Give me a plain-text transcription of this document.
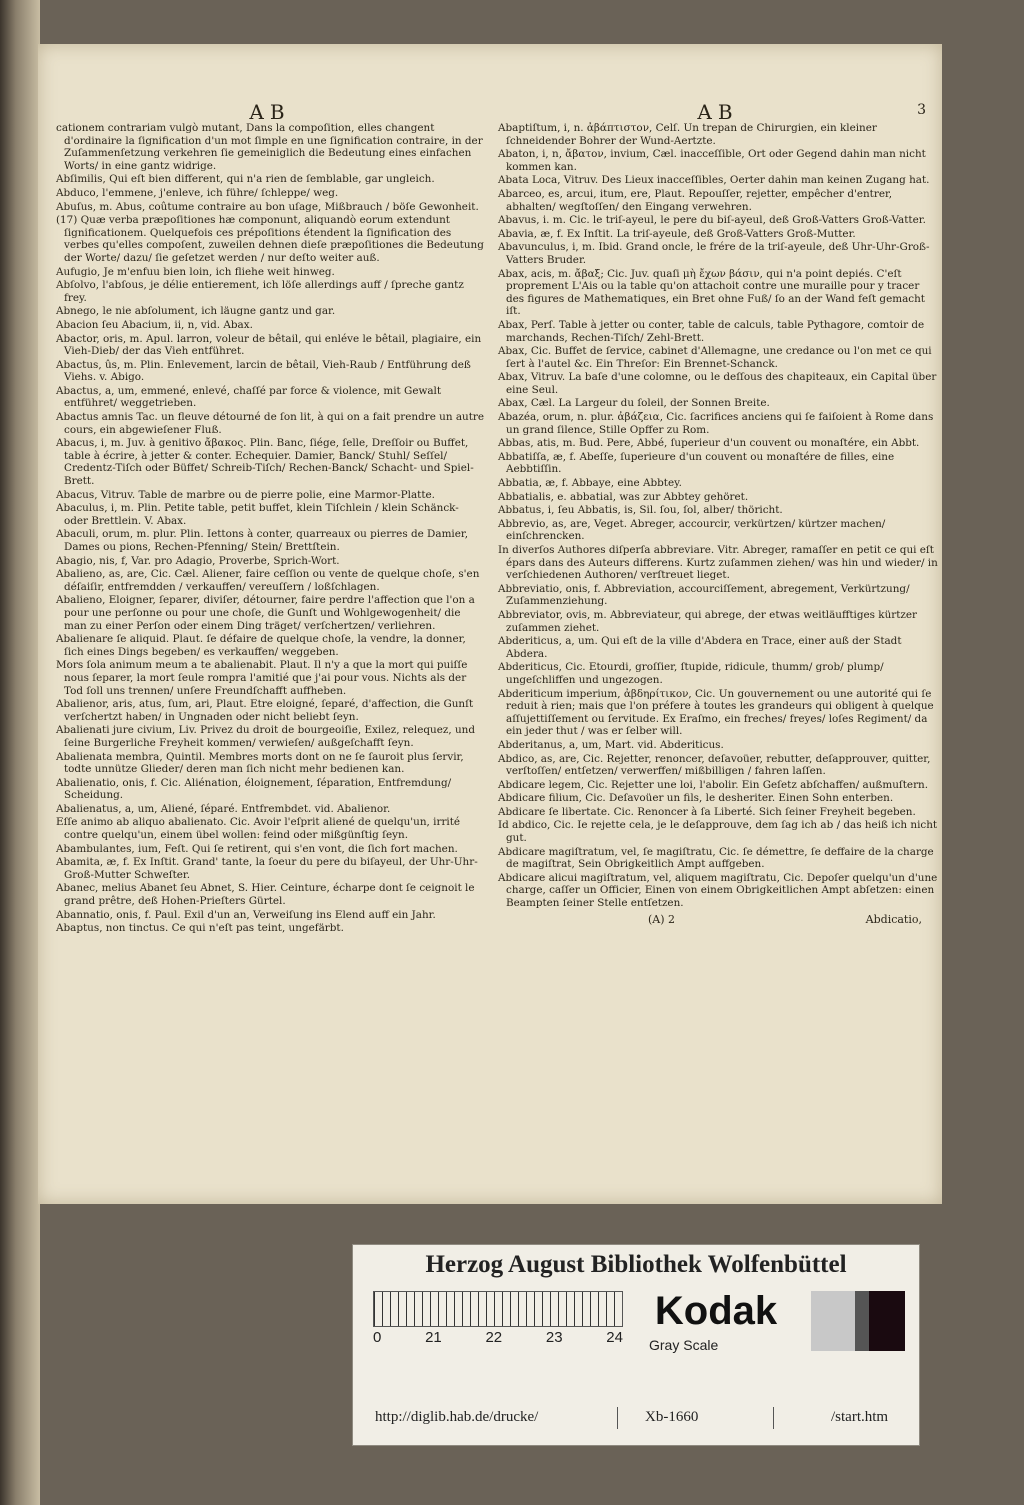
AB
cationem contrariam vulgò mutant, Dans la compoſition, elles changent d'ordinaire la ſignification d'un mot ſimple en une ſignification contraire, in der Zuſammenſetzung verkehren ſie gemeiniglich die Bedeutung eines einfachen Worts/ in eine gantz widrige.
Abſimilis, Qui eſt bien different, qui n'a rien de ſemblable, gar ungleich.
Abduco, l'emmene, j'enleve, ich führe/ ſchleppe/ weg.
Abuſus, m. Abus, coûtume contraire au bon uſage, Mißbrauch / böſe Gewonheit.
(17) Quæ verba præpoſitiones hæ componunt, aliquandò eorum extendunt ſignificationem. Quelquefois ces prépoſitions étendent la ſignification des verbes qu'elles compoſent, zuweilen dehnen dieſe præpoſitiones die Bedeutung der Worte/ dazu/ ſie geſetzet werden / nur deſto weiter auß.
Aufugio, Je m'enfuu bien loin, ich fliehe weit hinweg.
Abſolvo, l'abſous, je délie entierement, ich löſe allerdings auff / ſpreche gantz frey.
Abnego, le nie abſolument, ich läugne gantz und gar.
Abacion ſeu Abacium, ii, n, vid. Abax.
Abactor, oris, m. Apul. larron, voleur de bêtail, qui enléve le bêtail, plagiaire, ein Vieh-Dieb/ der das Vieh entführet.
Abactus, ûs, m. Plin. Enlevement, larcin de bêtail, Vieh-Raub / Entführung deß Viehs. v. Abigo.
Abactus, a, um, emmené, enlevé, chaſſé par force & violence, mit Gewalt entführet/ weggetrieben.
Abactus amnis Tac. un fleuve détourné de ſon lit, à qui on a fait prendre un autre cours, ein abgewieſener Fluß.
Abacus, i, m. Juv. à genitivo ἄβακος. Plin. Banc, ſiége, ſelle, Dreſſoir ou Buffet, table à écrire, à jetter & conter. Echequier. Damier, Banck/ Stuhl/ Seſſel/ Credentz-Tiſch oder Büffet/ Schreib-Tiſch/ Rechen-Banck/ Schacht- und Spiel-Brett.
Abacus, Vitruv. Table de marbre ou de pierre polie, eine Marmor-Platte.
Abaculus, i, m. Plin. Petite table, petit buffet, klein Tiſchlein / klein Schänck- oder Brettlein. V. Abax.
Abaculi, orum, m. plur. Plin. Iettons à conter, quarreaux ou pierres de Damier, Dames ou pions, Rechen-Pfenning/ Stein/ Brettſtein.
Abagio, nis, f, Var. pro Adagio, Proverbe, Sprich-Wort.
Abalieno, as, are, Cic. Cæl. Aliener, faire ceſſion ou vente de quelque choſe, s'en déſaiſir, entfremdden / verkauffen/ vereuſſern / loßſchlagen.
Abalieno, Eloigner, ſeparer, diviſer, détourner, faire perdre l'affection que l'on a pour une perſonne ou pour une choſe, die Gunſt und Wohlgewogenheit/ die man zu einer Perſon oder einem Ding träget/ verſchertzen/ verliehren.
Abalienare ſe aliquid. Plaut. ſe défaire de quelque choſe, la vendre, la donner, ſich eines Dings begeben/ es verkauffen/ weggeben.
Mors ſola animum meum a te abalienabit. Plaut. Il n'y a que la mort qui puiſſe nous ſeparer, la mort ſeule rompra l'amitié que j'ai pour vous. Nichts als der Tod ſoll uns trennen/ unſere Freundſchafft auffheben.
Abalienor, aris, atus, ſum, ari, Plaut. Etre eloigné, ſeparé, d'affection, die Gunſt verſchertzt haben/ in Ungnaden oder nicht beliebt ſeyn.
Abalienati jure civium, Liv. Privez du droit de bourgeoiſie, Exilez, relequez, und ſeine Burgerliche Freyheit kommen/ verwieſen/ außgeſchafft ſeyn.
Abalienata membra, Quintil. Membres morts dont on ne ſe ſauroit plus ſervir, todte unnütze Glieder/ deren man ſich nicht mehr bedienen kan.
Abalienatio, onis, f. Cic. Aliénation, éloignement, ſéparation, Entfremdung/ Scheidung.
Abalienatus, a, um, Aliené, ſéparé. Entfrembdet. vid. Abalienor.
Eſſe animo ab aliquo abalienato. Cic. Avoir l'eſprit aliené de quelqu'un, irrité contre quelqu'un, einem übel wollen: feind oder mißgünſtig ſeyn.
Abambulantes, ium, Feſt. Qui ſe retirent, qui s'en vont, die ſich fort machen.
Abamita, æ, f. Ex Inſtit. Grand' tante, la ſoeur du pere du biſayeul, der Uhr-Uhr-Groß-Mutter Schweſter.
Abanec, melius Abanet ſeu Abnet, S. Hier. Ceinture, écharpe dont ſe ceignoit le grand prêtre, deß Hohen-Prieſters Gürtel.
Abannatio, onis, f. Paul. Exil d'un an, Verweiſung ins Elend auff ein Jahr.
Abaptus, non tinctus. Ce qui n'eſt pas teint, ungefärbt.
3
AB
Abaptiſtum, i, n. ἀβάπτιστον, Celſ. Un trepan de Chirurgien, ein kleiner ſchneidender Bohrer der Wund-Aertzte.
Abaton, i, n, ἄβατον, invium, Cæl. inacceſſible, Ort oder Gegend dahin man nicht kommen kan.
Abata Loca, Vitruv. Des Lieux inacceſſibles, Oerter dahin man keinen Zugang hat.
Abarceo, es, arcui, itum, ere, Plaut. Repouſſer, rejetter, empêcher d'entrer, abhalten/ wegſtoſſen/ den Eingang verwehren.
Abavus, i. m. Cic. le triſ-ayeul, le pere du biſ-ayeul, deß Groß-Vatters Groß-Vatter.
Abavia, æ, f. Ex Inſtit. La triſ-ayeule, deß Groß-Vatters Groß-Mutter.
Abavunculus, i, m. Ibid. Grand oncle, le frére de la triſ-ayeule, deß Uhr-Uhr-Groß-Vatters Bruder.
Abax, acis, m. ἄβαξ; Cic. Juv. quaſi μὴ ἔχων βάσιν, qui n'a point depiés. C'eſt proprement L'Ais ou la table qu'on attachoit contre une muraille pour y tracer des figures de Mathematiques, ein Bret ohne Fuß/ ſo an der Wand feſt gemacht iſt.
Abax, Perſ. Table à jetter ou conter, table de calculs, table Pythagore, comtoir de marchands, Rechen-Tiſch/ Zehl-Brett.
Abax, Cic. Buffet de ſervice, cabinet d'Allemagne, une credance ou l'on met ce qui ſert à l'autel &c. Ein Threſor: Ein Brennet-Schanck.
Abax, Vitruv. La baſe d'une colomne, ou le deſſous des chapiteaux, ein Capital über eine Seul.
Abax, Cæl. La Largeur du ſoleil, der Sonnen Breite.
Abazéa, orum, n. plur. ἀβάζεια, Cic. ſacrifices anciens qui ſe faiſoient à Rome dans un grand ſilence, Stille Opffer zu Rom.
Abbas, atis, m. Bud. Pere, Abbé, ſuperieur d'un couvent ou monaſtére, ein Abbt.
Abbatiſſa, æ, f. Abeſſe, ſuperieure d'un couvent ou monaſtére de filles, eine Aebbtiſſin.
Abbatia, æ, f. Abbaye, eine Abbtey.
Abbatialis, e. abbatial, was zur Abbtey gehöret.
Abbatus, i, ſeu Abbatis, is, Sil. ſou, ſol, alber/ thöricht.
Abbrevio, as, are, Veget. Abreger, accourcir, verkürtzen/ kürtzer machen/ einſchrencken.
In diverſos Authores diſperſa abbreviare. Vitr. Abreger, ramaſſer en petit ce qui eſt épars dans des Auteurs differens. Kurtz zuſammen ziehen/ was hin und wieder/ in verſchiedenen Authoren/ verſtreuet lieget.
Abbreviatio, onis, f. Abbreviation, accourciſſement, abregement, Verkürtzung/ Zuſammenziehung.
Abbreviator, ovis, m. Abbreviateur, qui abrege, der etwas weitläufftiges kürtzer zuſammen ziehet.
Abderiticus, a, um. Qui eſt de la ville d'Abdera en Trace, einer auß der Stadt Abdera.
Abderiticus, Cic. Etourdi, groſſier, ſtupide, ridicule, thumm/ grob/ plump/ ungeſchliffen und ungezogen.
Abderiticum imperium, ἀβδηρίτικον, Cic. Un gouvernement ou une autorité qui ſe reduit à rien; mais que l'on préfere à toutes les grandeurs qui obligent à quelque aſſujettiſſement ou ſervitude. Ex Eraſmo, ein freches/ freyes/ loſes Regiment/ da ein jeder thut / was er ſelber will.
Abderitanus, a, um, Mart. vid. Abderiticus.
Abdico, as, are, Cic. Rejetter, renoncer, deſavoüer, rebutter, deſapprouver, quitter, verſtoſſen/ entſetzen/ verwerffen/ mißbilligen / fahren laſſen.
Abdicare legem, Cic. Rejetter une loi, l'abolir. Ein Geſetz abſchaffen/ außmuſtern.
Abdicare filium, Cic. Deſavoüer un fils, le desheriter. Einen Sohn enterben.
Abdicare ſe libertate. Cic. Renoncer à ſa Liberté. Sich ſeiner Freyheit begeben.
Id abdico, Cic. Ie rejette cela, je le deſapprouve, dem ſag ich ab / das heiß ich nicht gut.
Abdicare magiſtratum, vel, ſe magiſtratu, Cic. ſe démettre, ſe deffaire de la charge de magiſtrat, Sein Obrigkeitlich Ampt auffgeben.
Abdicare alicui magiſtratum, vel, aliquem magiſtratu, Cic. Depoſer quelqu'un d'une charge, caſſer un Officier, Einen von einem Obrigkeitlichen Ampt abſetzen: einen Beampten ſeiner Stelle entſetzen.
(A) 2	Abdicatio,
Herzog August Bibliothek Wolfenbüttel
0	21	22	23	24
Kodak
Gray Scale
http://diglib.hab.de/drucke/	Xb-1660	/start.htm
